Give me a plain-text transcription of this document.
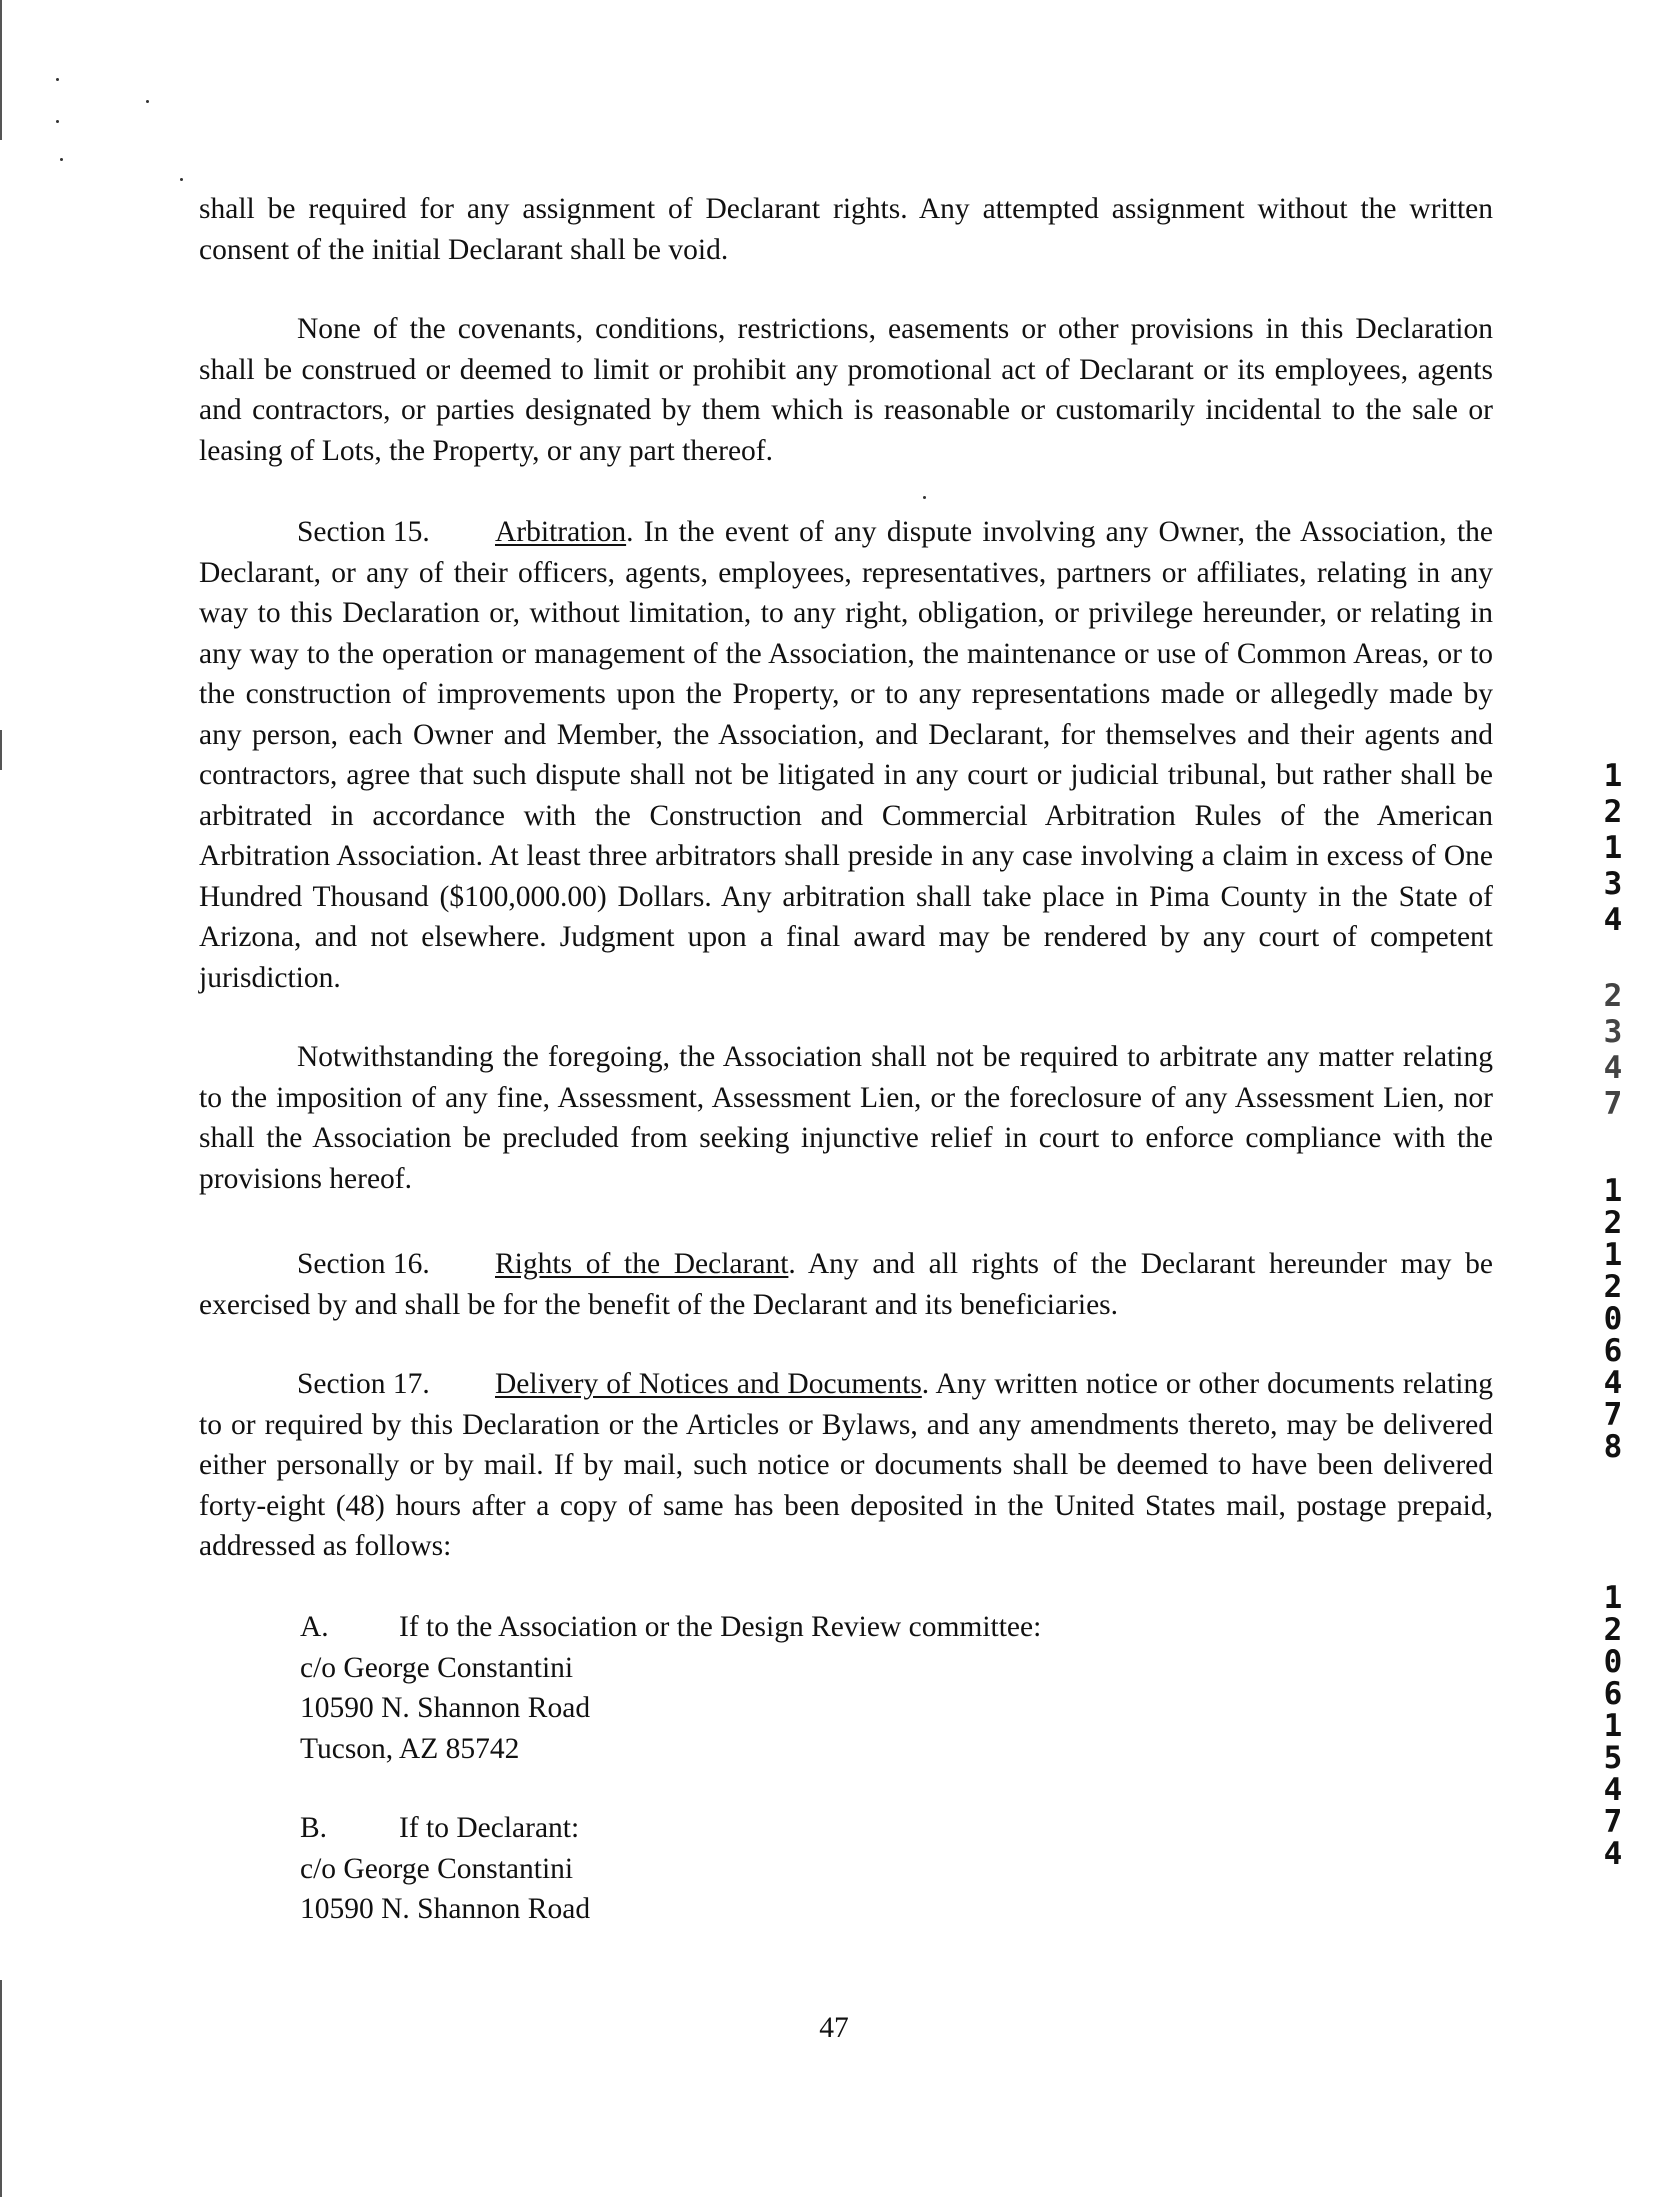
shall be required for any assignment of Declarant rights. Any attempted assignment without the written consent of the initial Declarant shall be void.

None of the covenants, conditions, restrictions, easements or other provisions in this Declaration shall be construed or deemed to limit or prohibit any promotional act of Declarant or its employees, agents and contractors, or parties designated by them which is reasonable or customarily incidental to the sale or leasing of Lots, the Property, or any part thereof.

Section 15. Arbitration. In the event of any dispute involving any Owner, the Association, the Declarant, or any of their officers, agents, employees, representatives, partners or affiliates, relating in any way to this Declaration or, without limitation, to any right, obligation, or privilege hereunder, or relating in any way to the operation or management of the Association, the maintenance or use of Common Areas, or to the construction of improvements upon the Property, or to any representations made or allegedly made by any person, each Owner and Member, the Association, and Declarant, for themselves and their agents and contractors, agree that such dispute shall not be litigated in any court or judicial tribunal, but rather shall be arbitrated in accordance with the Construction and Commercial Arbitration Rules of the American Arbitration Association. At least three arbitrators shall preside in any case involving a claim in excess of One Hundred Thousand ($100,000.00) Dollars. Any arbitration shall take place in Pima County in the State of Arizona, and not elsewhere. Judgment upon a final award may be rendered by any court of competent jurisdiction.

Notwithstanding the foregoing, the Association shall not be required to arbitrate any matter relating to the imposition of any fine, Assessment, Assessment Lien, or the foreclosure of any Assessment Lien, nor shall the Association be precluded from seeking injunctive relief in court to enforce compliance with the provisions hereof.

Section 16. Rights of the Declarant. Any and all rights of the Declarant hereunder may be exercised by and shall be for the benefit of the Declarant and its beneficiaries.

Section 17. Delivery of Notices and Documents. Any written notice or other documents relating to or required by this Declaration or the Articles or Bylaws, and any amendments thereto, may be delivered either personally or by mail. If by mail, such notice or documents shall be deemed to have been delivered forty-eight (48) hours after a copy of same has been deposited in the United States mail, postage prepaid, addressed as follows:

A. If to the Association or the Design Review committee:
c/o George Constantini
10590 N. Shannon Road
Tucson, AZ 85742
B. If to Declarant:
c/o George Constantini
10590 N. Shannon Road
47
1
2
1
3
4
2
3
4
7
1
2
1
2
0
6
4
7
8
1
2
0
6
1
5
4
7
4
